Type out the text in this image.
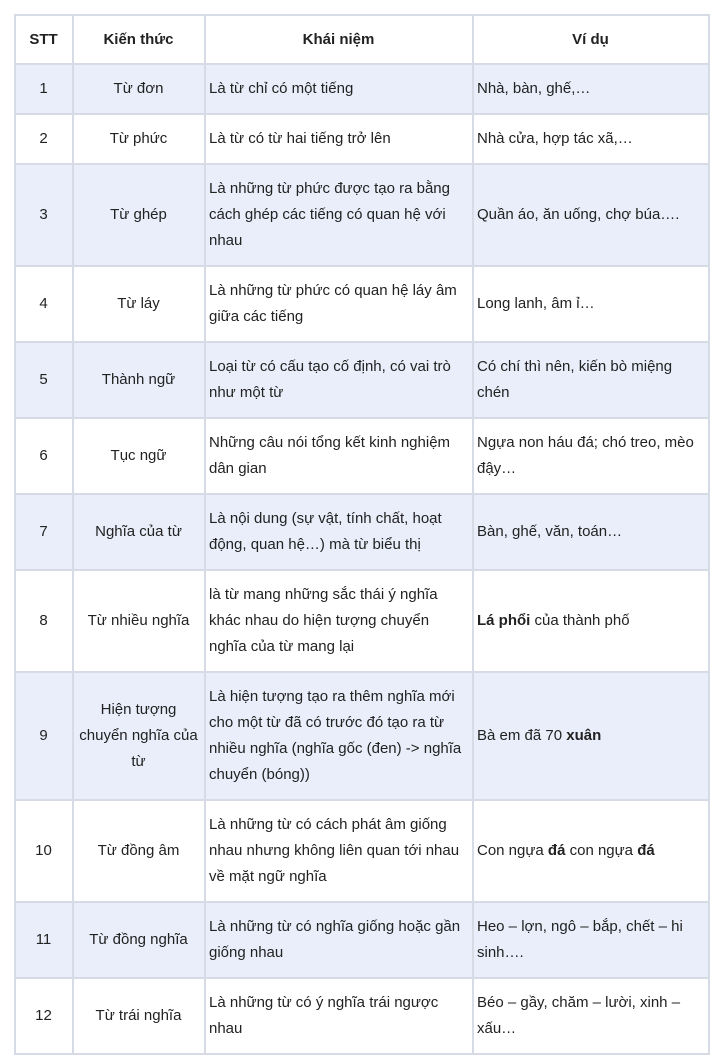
STT	Kiến thức	Khái niệm	Ví dụ
1	Từ đơn	Là từ chỉ có một tiếng	Nhà, bàn, ghế,…
2	Từ phức	Là từ có từ hai tiếng trở lên	Nhà cửa, hợp tác xã,…
3	Từ ghép	Là những từ phức được tạo ra bằng cách ghép các tiếng có quan hệ với nhau	Quần áo, ăn uống, chợ búa….
4	Từ láy	Là những từ phức có quan hệ láy âm giữa các tiếng	Long lanh, âm ỉ…
5	Thành ngữ	Loại từ có cấu tạo cố định, có vai trò như một từ	Có chí thì nên, kiến bò miệng chén
6	Tục ngữ	Những câu nói tổng kết kinh nghiệm dân gian	Ngựa non háu đá; chó treo, mèo đậy…
7	Nghĩa của từ	Là nội dung (sự vật, tính chất, hoạt động, quan hệ…) mà từ biểu thị	Bàn, ghế, văn, toán…
8	Từ nhiều nghĩa	là từ mang những sắc thái ý nghĩa khác nhau do hiện tượng chuyển nghĩa của từ mang lại	Lá phổi của thành phố
9	Hiện tượng chuyển nghĩa của từ	Là hiện tượng tạo ra thêm nghĩa mới cho một từ đã có trước đó tạo ra từ nhiều nghĩa (nghĩa gốc (đen) -> nghĩa chuyển (bóng))	Bà em đã 70 xuân
10	Từ đồng âm	Là những từ có cách phát âm giống nhau nhưng không liên quan tới nhau về mặt ngữ nghĩa	Con ngựa đá con ngựa đá
11	Từ đồng nghĩa	Là những từ có nghĩa giống hoặc gần giống nhau	Heo – lợn, ngô – bắp, chết – hi sinh….
12	Từ trái nghĩa	Là những từ có ý nghĩa trái ngược nhau	Béo – gầy, chăm – lười, xinh – xấu…
